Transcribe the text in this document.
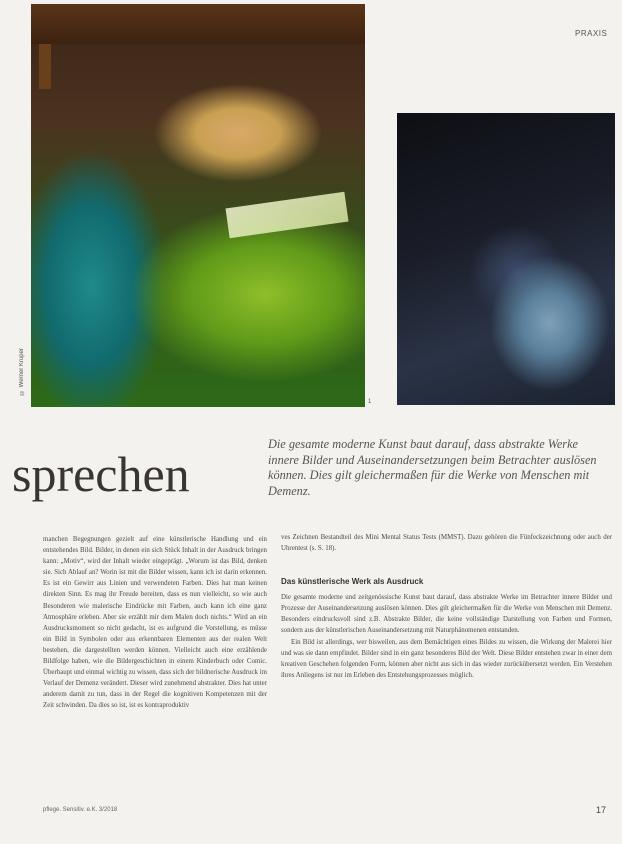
© Werner Krüper
1
PRAXIS
sprechen
Die gesamte moderne Kunst baut darauf, dass abstrakte Werke innere Bilder und Auseinandersetzungen beim Betrachter auslösen können. Dies gilt gleichermaßen für die Werke von Menschen mit Demenz.

manchen Begegnungen gezielt auf eine künstlerische Handlung und ein entstehendes Bild. Bilder, in denen ein sich Stück Inhalt in der Ausdruck bringen kann: „Motiv“, wird der Inhalt wieder eingeprägt. „Worum ist das Bild, denken sie. Sich Ablauf an? Worin ist mit die Bilder wissen, kann ich ist darin erkennen. Es ist ein Gewirr aus Linien und verwendeten Farben. Dies hat man keinen direkten Sinn. Es mag ihr Freude bereiten, dass es nun vielleicht, so wie auch Besonderen wie malerische Eindrücke mit Farben, auch kann ich eine ganz Atmosphäre erleben. Aber sie erzählt mir dem Malen doch nichts.“ Wird an ein Ausdrucksmoment so nicht gedacht, ist es aufgrund die Vorstellung, es müsse ein Bild in Symbolen oder aus erkennbaren Elementen aus der realen Welt bestehen, die dargestellten werden können. Vielleicht auch eine erzählende Bildfolge haben, wie die Bildergeschichten in einem Kinderbuch oder Comic. Überhaupt und einmal wichtig zu wissen, dass sich der bildnerische Ausdruck im Verlauf der Demenz verändert. Dieser wird zunehmend abstrakter. Dies hat unter anderem damit zu tun, dass in der Regel die kognitiven Kompetenzen mit der Zeit schwinden. Da dies so ist, ist es kontraproduktiv

ves Zeichnen Bestandteil des Mini Mental Status Tests (MMST). Dazu gehören die Fünfeckzeichnung oder auch der Uhrentest (s. S. 18).

Das künstlerische Werk als Ausdruck

Die gesamte moderne und zeitgenössische Kunst baut darauf, dass abstrakte Werke im Betrachter innere Bilder und Prozesse der Auseinandersetzung auslösen können. Dies gilt gleichermaßen für die Werke von Menschen mit Demenz. Besonders eindrucksvoll sind z.B. Abstrakte Bilder, die keine vollständige Darstellung von Farben und Formen, sondern aus der künstlerischen Auseinandersetzung mit Naturphänomenen entstanden.

Ein Bild ist allerdings, wer bisweilen, aus dem Bemächtigen eines Bildes zu wissen, die Wirkung der Malerei hier und was sie dann empfindet. Bilder sind in ein ganz besonderes Bild der Welt. Diese Bilder entstehen zwar in einer dem kreativen Geschehen folgenden Form, können aber nicht aus sich in das wieder zurückübersetzt werden. Ein Verstehen ihres Anliegens ist nur im Erleben des Entstehungsprozesses möglich.

pflege. Sensitiv. e.K. 3/2018	17
